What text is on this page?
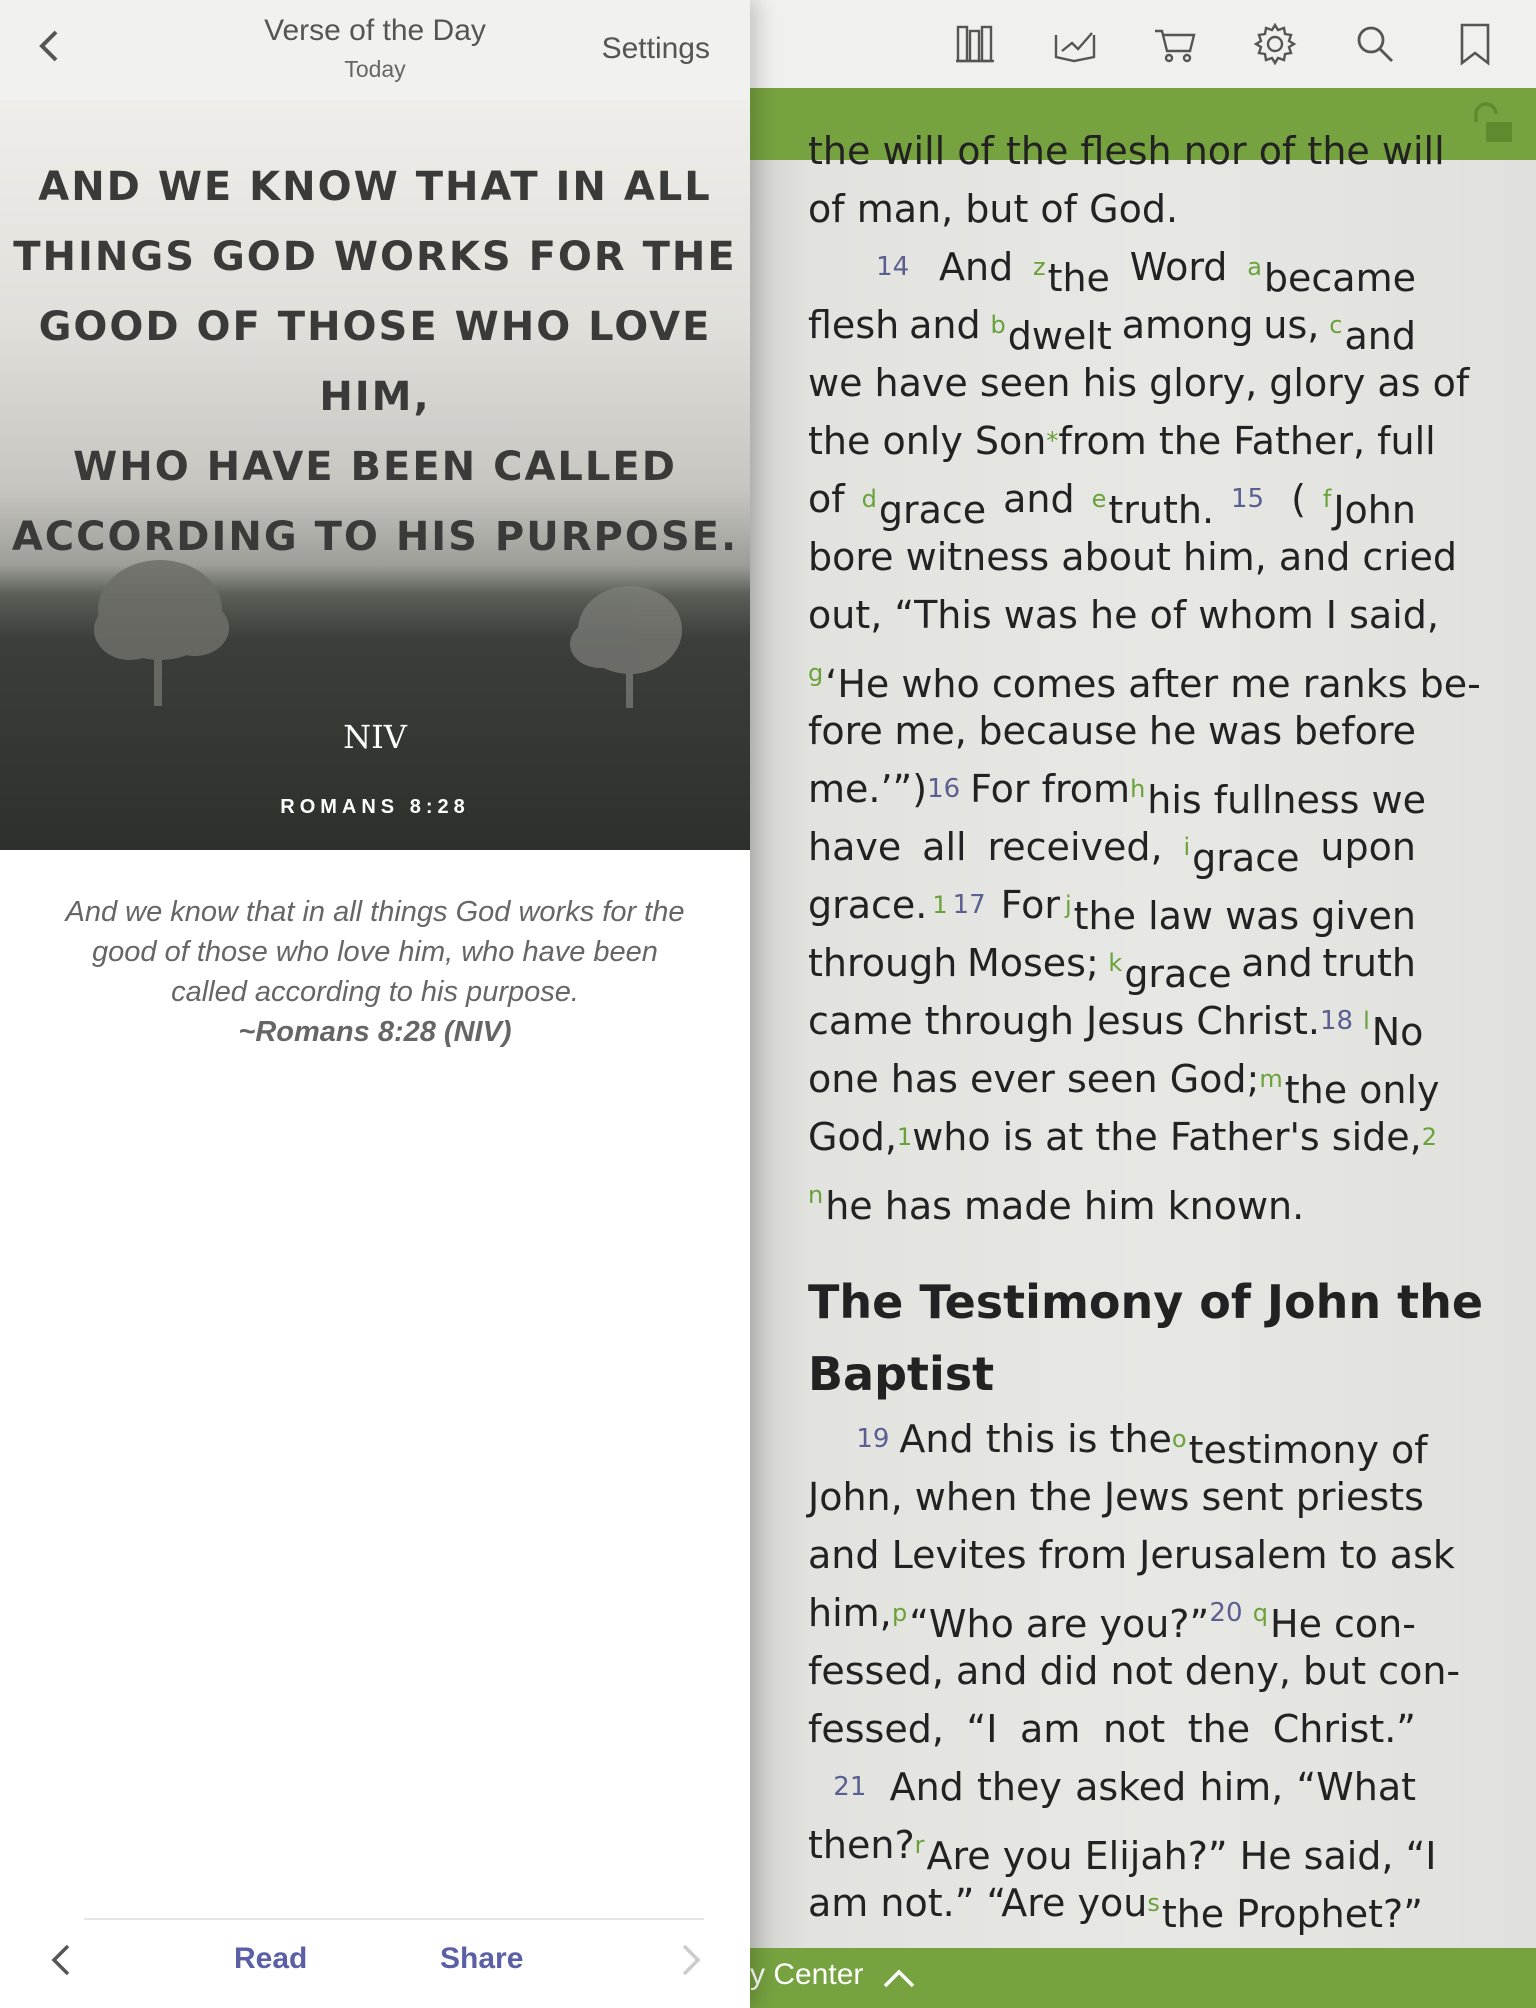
the will of the flesh nor of the will
of man, but of God.

14 And zthe Word abecame
flesh and bdwelt among us, cand
we have seen his glory, glory as of
the only Son * from the Father, full
of dgrace and etruth. 15 ( fJohn
bore witness about him, and cried
out, “This was he of whom I said,
g‘He who comes after me ranks be-
fore me, because he was before
me.’”) 16 For from hhis fullness we
have all received, igrace upon
grace. 1 17 For jthe law was given
through Moses; kgrace and truth
came through Jesus Christ. 18 lNo
one has ever seen God; mthe only
God, 1 who is at the Father's side, 2
nhe has made him known.
The Testimony of John the
Baptist

19 And this is the otestimony of
John, when the Jews sent priests
and Levites from Jerusalem to ask
him, p“Who are you?” 20 qHe con-
fessed, and did not deny, but con-
fessed, “I am not the Christ.”

21 And they asked him, “What
then? rAre you Elijah?” He said, “I
am not.” “Are you sthe Prophet?”
y Center
Verse of the Day
Today
Settings
AND WE KNOW THAT IN ALL
THINGS GOD WORKS FOR THE
GOOD OF THOSE WHO LOVE HIM,
WHO HAVE BEEN CALLED
ACCORDING TO HIS PURPOSE.
NIV
ROMANS 8:28
And we know that in all things God works for the
good of those who love him, who have been
called according to his purpose.
~Romans 8:28 (NIV)
Read	Share
